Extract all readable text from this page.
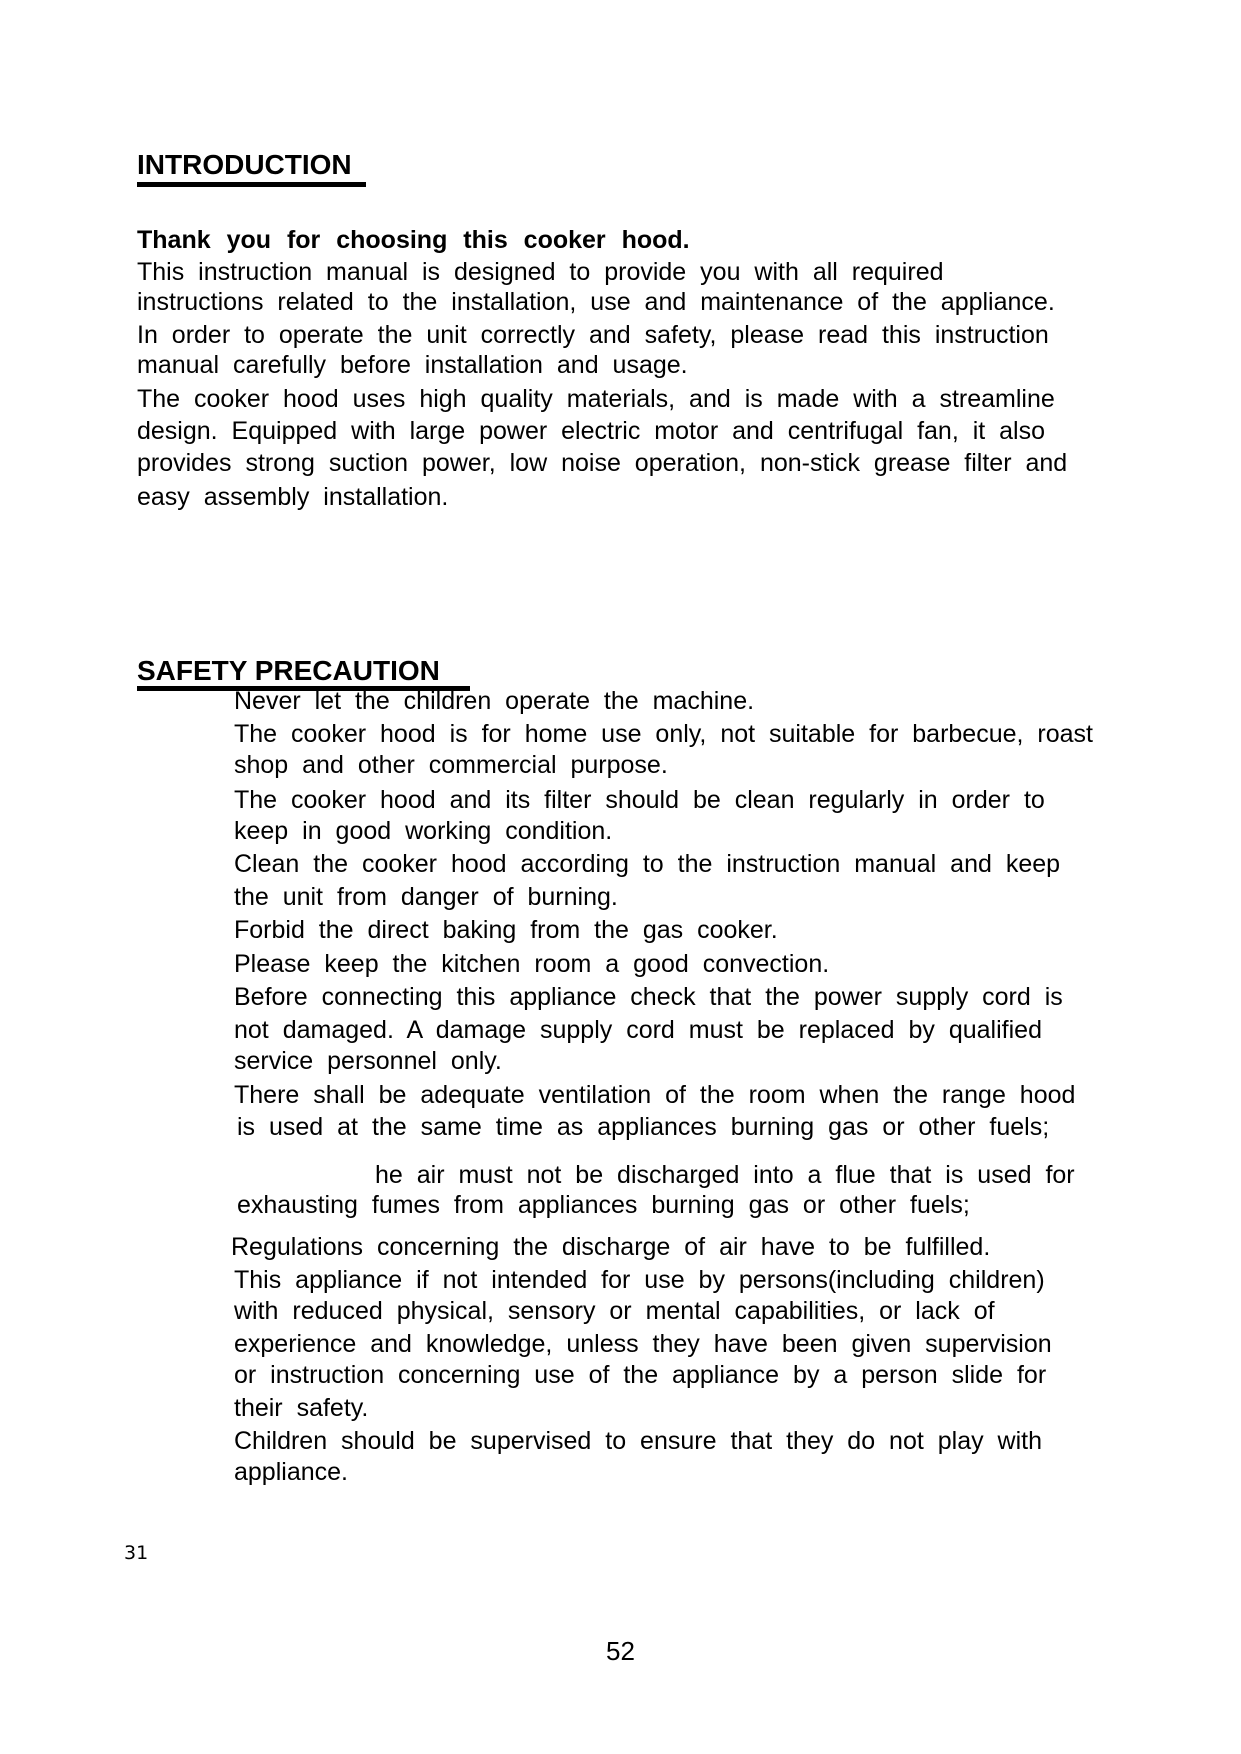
INTRODUCTION
Thank you for choosing this cooker hood.
This instruction manual is designed to provide you with all required
instructions related to the installation, use and maintenance of the appliance.
In order to operate the unit correctly and safety, please read this instruction
manual carefully before installation and usage.
The cooker hood uses high quality materials, and is made with a streamline
design. Equipped with large power electric motor and centrifugal fan, it also
provides strong suction power, low noise operation, non-stick grease filter and
easy assembly installation.
SAFETY PRECAUTION
Never let the children operate the machine.
The cooker hood is for home use only, not suitable for barbecue, roast
shop and other commercial purpose.
The cooker hood and its filter should be clean regularly in order to
keep in good working condition.
Clean the cooker hood according to the instruction manual and keep
the unit from danger of burning.
Forbid the direct baking from the gas cooker.
Please keep the kitchen room a good convection.
Before connecting this appliance check that the power supply cord is
not damaged. A damage supply cord must be replaced by qualified
service personnel only.
There shall be adequate ventilation of the room when the range hood
is used at the same time as appliances burning gas or other fuels;
he air must not be discharged into a flue that is used for
exhausting fumes from appliances burning gas or other fuels;
Regulations concerning the discharge of air have to be fulfilled.
This appliance if not intended for use by persons(including children)
with reduced physical, sensory or mental capabilities, or lack of
experience and knowledge, unless they have been given supervision
or instruction concerning use of the appliance by a person slide for
their safety.
Children should be supervised to ensure that they do not play with
appliance.
31
52
